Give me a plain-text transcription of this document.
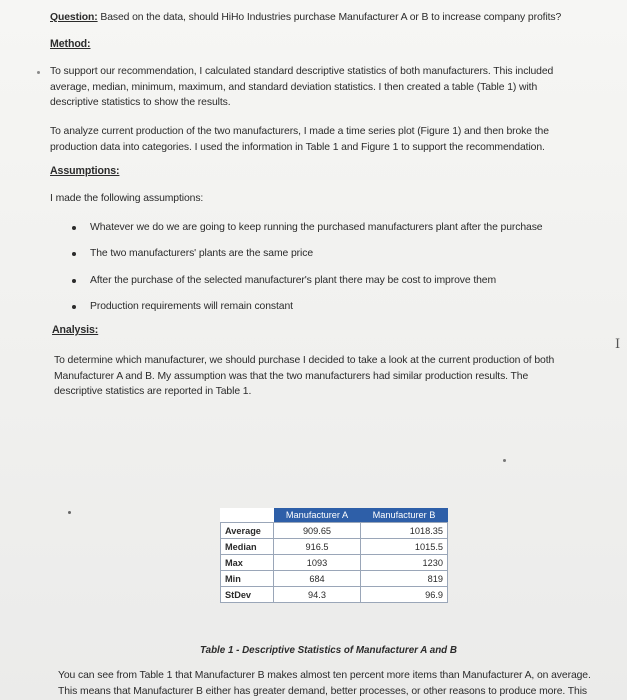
Question: Based on the data, should HiHo Industries purchase Manufacturer A or B to increase company profits?
Method:
To support our recommendation, I calculated standard descriptive statistics of both manufacturers. This included
average, median, minimum, maximum, and standard deviation statistics. I then created a table (Table 1) with
descriptive statistics to show the results.
To analyze current production of the two manufacturers, I made a time series plot (Figure 1) and then broke the
production data into categories. I used the information in Table 1 and Figure 1 to support the recommendation.
Assumptions:
I made the following assumptions:
Whatever we do we are going to keep running the purchased manufacturers plant after the purchase
The two manufacturers' plants are the same price
After the purchase of the selected manufacturer's plant there may be cost to improve them
Production requirements will remain constant
Analysis:
To determine which manufacturer, we should purchase I decided to take a look at the current production of both
Manufacturer A and B. My assumption was that the two manufacturers had similar production results. The
descriptive statistics are reported in Table 1.
	Manufacturer A	Manufacturer B
Average	909.65	1018.35
Median	916.5	1015.5
Max	1093	1230
Min	684	819
StDev	94.3	96.9
Table 1 - Descriptive Statistics of Manufacturer A and B
You can see from Table 1 that Manufacturer B makes almost ten percent more items than Manufacturer A, on average.
This means that Manufacturer B either has greater demand, better processes, or other reasons to produce more. This
I
